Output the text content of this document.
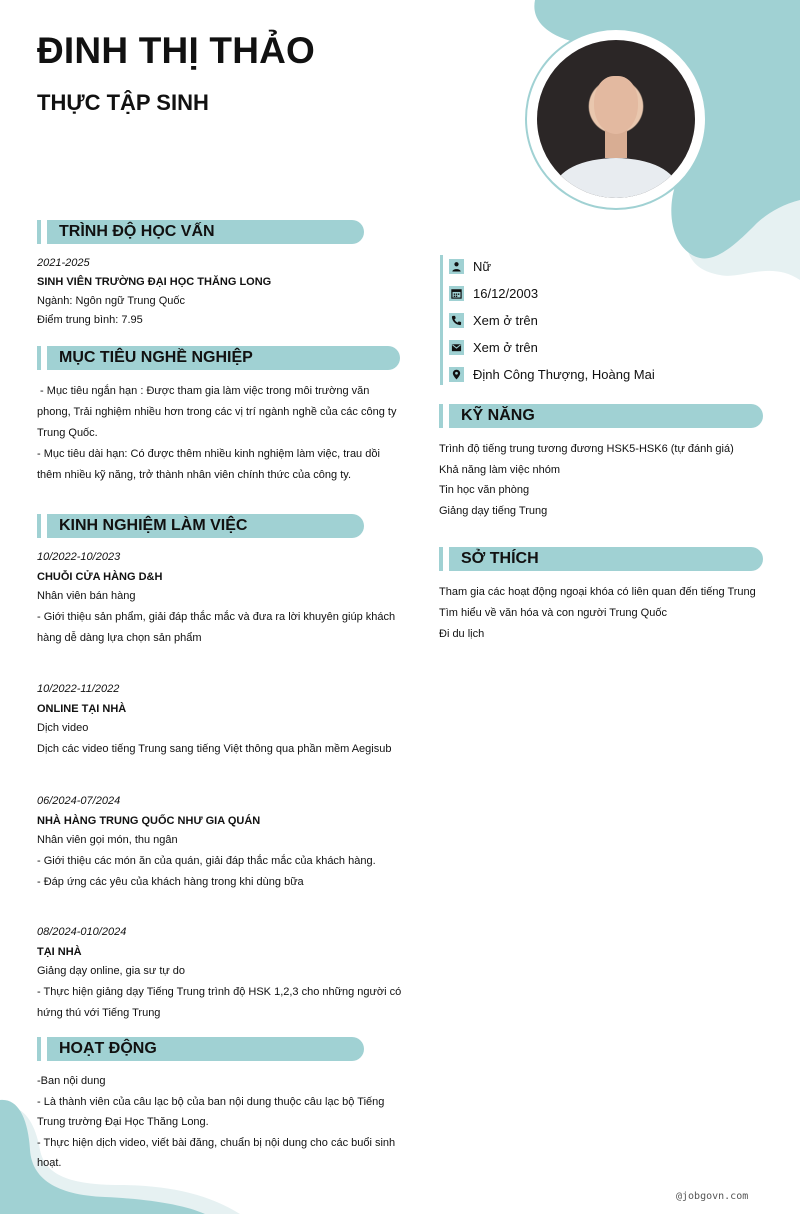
ĐINH THỊ THẢO
THỰC TẬP SINH
TRÌNH ĐỘ HỌC VẤN
2021-2025
SINH VIÊN TRƯỜNG ĐẠI HỌC THĂNG LONG
Ngành: Ngôn ngữ Trung Quốc
Điểm trung bình: 7.95
MỤC TIÊU NGHỀ NGHIỆP
- Mục tiêu ngắn hạn : Được tham gia làm việc trong môi trường văn
phong, Trải nghiệm nhiều hơn trong các vị trí ngành nghề của các công ty
Trung Quốc.
- Mục tiêu dài hạn: Có được thêm nhiều kinh nghiệm làm việc, trau dồi
thêm nhiều kỹ năng, trở thành nhân viên chính thức của công ty.
KINH NGHIỆM LÀM VIỆC
10/2022-10/2023
CHUỖI CỬA HÀNG D&H
Nhân viên bán hàng
- Giới thiệu sản phẩm, giải đáp thắc mắc và đưa ra lời khuyên giúp khách
hàng dễ dàng lựa chọn sản phẩm
10/2022-11/2022
ONLINE TẠI NHÀ
Dịch video
Dịch các video tiếng Trung sang tiếng Việt thông qua phần mềm Aegisub
06/2024-07/2024
NHÀ HÀNG TRUNG QUỐC NHƯ GIA QUÁN
Nhân viên gọi món, thu ngân
- Giới thiệu các món ăn của quán, giải đáp thắc mắc của khách hàng.
- Đáp ứng các yêu của khách hàng trong khi dùng bữa
08/2024-010/2024
TẠI NHÀ
Giảng dạy online, gia sư tự do
- Thực hiện giảng dạy Tiếng Trung trình độ HSK 1,2,3 cho những người có
hứng thú với Tiếng Trung
HOẠT ĐỘNG
-Ban nội dung
- Là thành viên của câu lạc bộ của ban nội dung thuộc câu lạc bộ Tiếng
Trung trường Đại Học Thăng Long.
- Thực hiện dịch video, viết bài đăng, chuẩn bị nội dung cho các buổi sinh
hoạt.
Nữ
16/12/2003
Xem ở trên
Xem ở trên
Định Công Thượng, Hoàng Mai
KỸ NĂNG
Trình độ tiếng trung tương đương HSK5-HSK6 (tự đánh giá)
Khả năng làm việc nhóm
Tin học văn phòng
Giảng dạy tiếng Trung
SỞ THÍCH
Tham gia các hoạt động ngoại khóa có liên quan đến tiếng Trung
Tìm hiểu về văn hóa và con người Trung Quốc
Đi du lịch
@jobgovn.com
